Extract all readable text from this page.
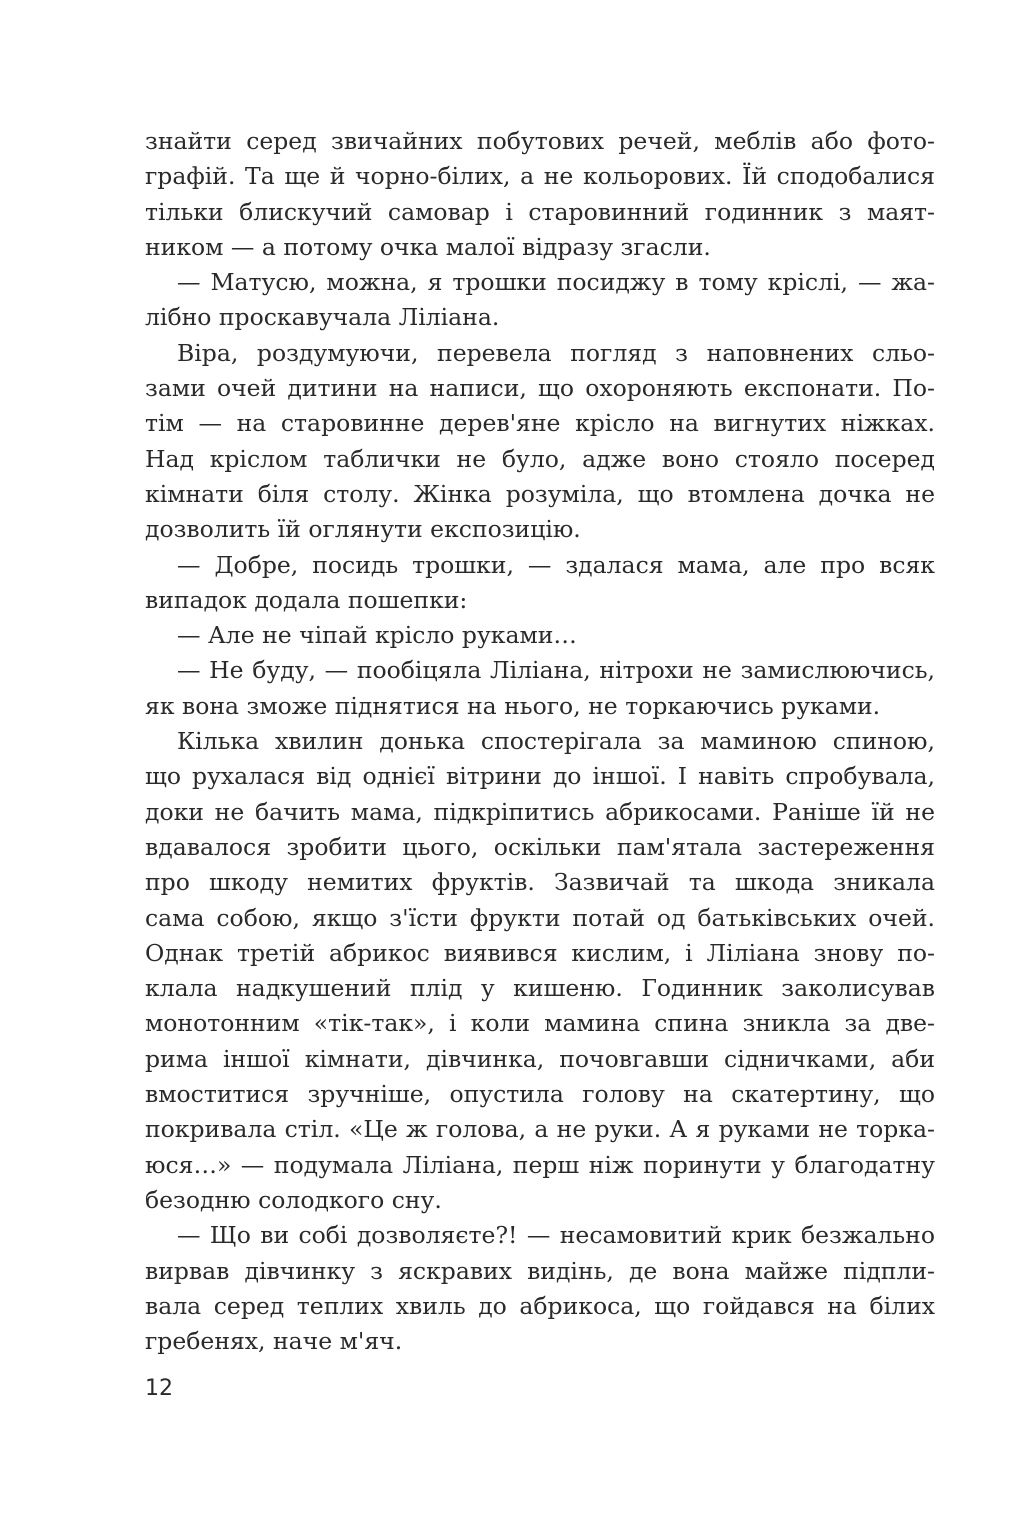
знайти серед звичайних побутових речей, меблів або фото-
графій. Та ще й чорно-білих, а не кольорових. Їй сподобалися
тільки блискучий самовар і старовинний годинник з маят-
ником — а потому очка малої відразу згасли.
— Матусю, можна, я трошки посиджу в тому кріслі, — жа-
лібно проскавучала Ліліана.
Віра, роздумуючи, перевела погляд з наповнених сльо-
зами очей дитини на написи, що охороняють експонати. По-
тім — на старовинне дерев'яне крісло на вигнутих ніжках.
Над кріслом таблички не було, адже воно стояло посеред
кімнати біля столу. Жінка розуміла, що втомлена дочка не
дозволить їй оглянути експозицію.
— Добре, посидь трошки, — здалася мама, але про всяк
випадок додала пошепки:
— Але не чіпай крісло руками…
— Не буду, — пообіцяла Ліліана, нітрохи не замислюючись,
як вона зможе піднятися на нього, не торкаючись руками.
Кілька хвилин донька спостерігала за маминою спиною,
що рухалася від однієї вітрини до іншої. І навіть спробувала,
доки не бачить мама, підкріпитись абрикосами. Раніше їй не
вдавалося зробити цього, оскільки пам'ятала застереження
про шкоду немитих фруктів. Зазвичай та шкода зникала
сама собою, якщо з'їсти фрукти потай од батьківських очей.
Однак третій абрикос виявився кислим, і Ліліана знову по-
клала надкушений плід у кишеню. Годинник заколисував
монотонним «тік-так», і коли мамина спина зникла за две-
рима іншої кімнати, дівчинка, почовгавши сідничками, аби
вмоститися зручніше, опустила голову на скатертину, що
покривала стіл. «Це ж голова, а не руки. А я руками не торка-
юся…» — подумала Ліліана, перш ніж поринути у благодатну
безодню солодкого сну.
— Що ви собі дозволяєте?! — несамовитий крик безжально
вирвав дівчинку з яскравих видінь, де вона майже підпли-
вала серед теплих хвиль до абрикоса, що гойдався на білих
гребенях, наче м'яч.
12
